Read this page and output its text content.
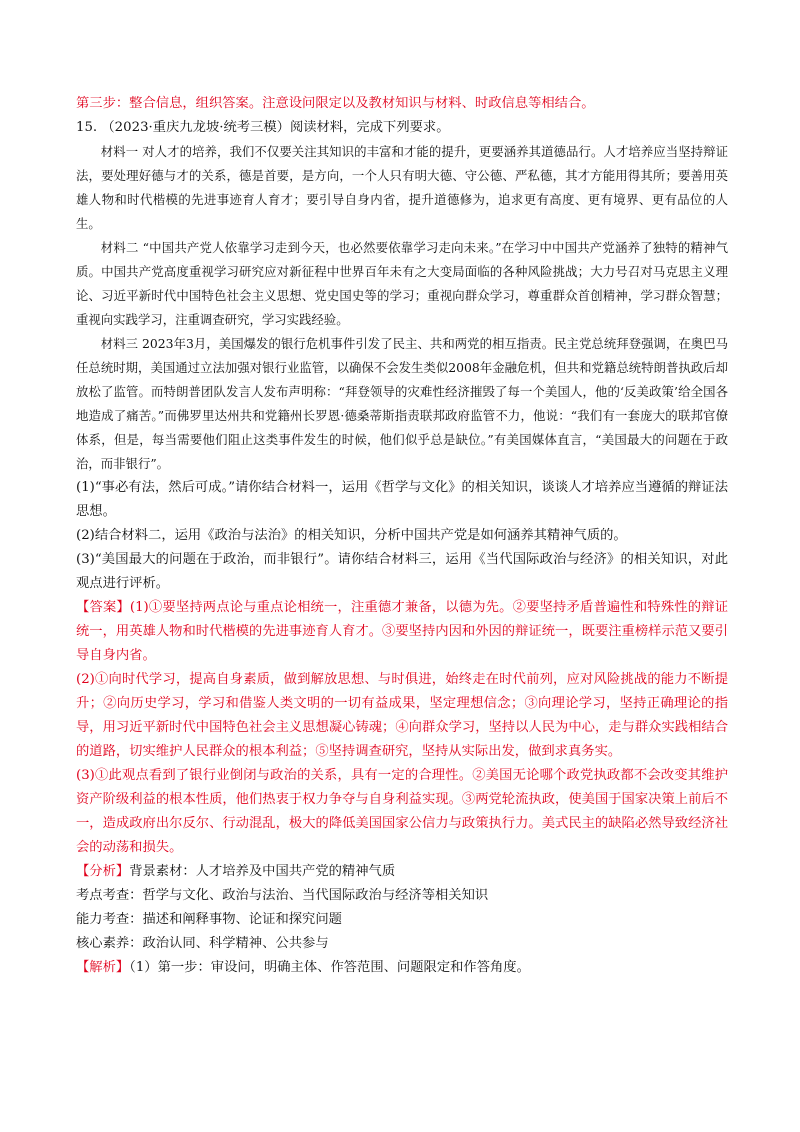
第三步：整合信息，组织答案。注意设问限定以及教材知识与材料、时政信息等相结合。
15. （2023·重庆九龙坡·统考三模）阅读材料，完成下列要求。

材料一 对人才的培养，我们不仅要关注其知识的丰富和才能的提升，更要涵养其道德品行。人才培养应当坚持辩证法，要处理好德与才的关系，德是首要，是方向，一个人只有明大德、守公德、严私德，其才方能用得其所；要善用英雄人物和时代楷模的先进事迹育人育才；要引导自身内省，提升道德修为，追求更有高度、更有境界、更有品位的人生。

材料二 “中国共产党人依靠学习走到今天，也必然要依靠学习走向未来。”在学习中中国共产党涵养了独特的精神气质。中国共产党高度重视学习研究应对新征程中世界百年未有之大变局面临的各种风险挑战；大力号召对马克思主义理论、习近平新时代中国特色社会主义思想、党史国史等的学习；重视向群众学习，尊重群众首创精神，学习群众智慧；重视向实践学习，注重调查研究，学习实践经验。

材料三 2023年3月，美国爆发的银行危机事件引发了民主、共和两党的相互指责。民主党总统拜登强调，在奥巴马任总统时期，美国通过立法加强对银行业监管，以确保不会发生类似2008年金融危机，但共和党籍总统特朗普执政后却放松了监管。而特朗普团队发言人发布声明称：“拜登领导的灾难性经济摧毁了每一个美国人，他的‘反美政策’给全国各地造成了痛苦。”而佛罗里达州共和党籍州长罗恩·德桑蒂斯指责联邦政府监管不力，他说：“我们有一套庞大的联邦官僚体系，但是，每当需要他们阻止这类事件发生的时候，他们似乎总是缺位。”有美国媒体直言，“美国最大的问题在于政治，而非银行”。

(1)“事必有法，然后可成。”请你结合材料一，运用《哲学与文化》的相关知识，谈谈人才培养应当遵循的辩证法思想。

(2)结合材料二，运用《政治与法治》的相关知识，分析中国共产党是如何涵养其精神气质的。

(3)“美国最大的问题在于政治，而非银行”。请你结合材料三，运用《当代国际政治与经济》的相关知识，对此观点进行评析。

【答案】(1)①要坚持两点论与重点论相统一，注重德才兼备，以德为先。②要坚持矛盾普遍性和特殊性的辩证统一，用英雄人物和时代楷模的先进事迹育人育才。③要坚持内因和外因的辩证统一，既要注重榜样示范又要引导自身内省。

(2)①向时代学习，提高自身素质，做到解放思想、与时俱进，始终走在时代前列，应对风险挑战的能力不断提升；②向历史学习，学习和借鉴人类文明的一切有益成果，坚定理想信念；③向理论学习，坚持正确理论的指导，用习近平新时代中国特色社会主义思想凝心铸魂；④向群众学习，坚持以人民为中心，走与群众实践相结合的道路，切实维护人民群众的根本利益；⑤坚持调查研究，坚持从实际出发，做到求真务实。

(3)①此观点看到了银行业倒闭与政治的关系，具有一定的合理性。②美国无论哪个政党执政都不会改变其维护资产阶级利益的根本性质，他们热衷于权力争夺与自身利益实现。③两党轮流执政，使美国于国家决策上前后不一，造成政府出尔反尔、行动混乱，极大的降低美国国家公信力与政策执行力。美式民主的缺陷必然导致经济社会的动荡和损失。

【分析】背景素材：人才培养及中国共产党的精神气质

考点考查：哲学与文化、政治与法治、当代国际政治与经济等相关知识

能力考查：描述和阐释事物、论证和探究问题

核心素养：政治认同、科学精神、公共参与

【解析】（1）第一步：审设问，明确主体、作答范围、问题限定和作答角度。
